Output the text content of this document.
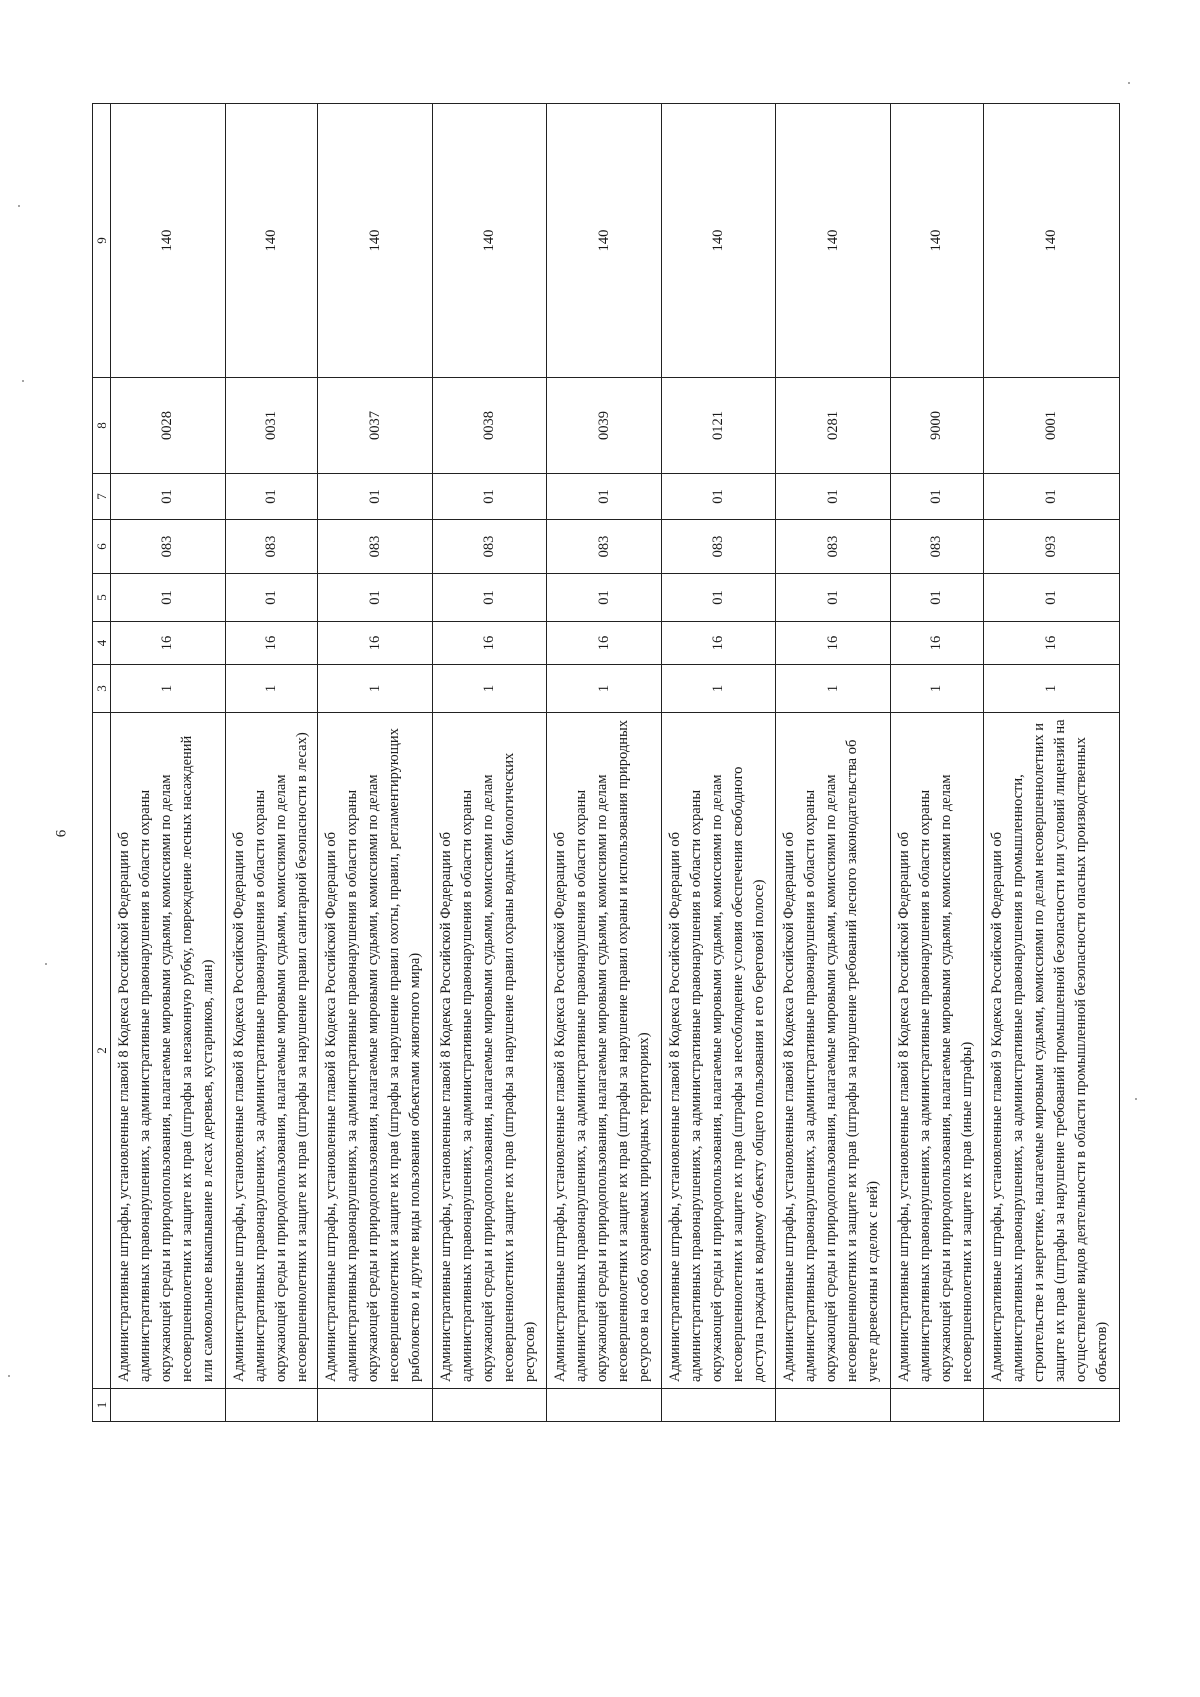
6
1	2	3	4	5	6	7	8	9
	Административные штрафы, установленные главой 8 Кодекса Российской Федерации об административных правонарушениях, за административные правонарушения в области охраны окружающей среды и природопользования, налагаемые мировыми судьями, комиссиями по делам несовершеннолетних и защите их прав (штрафы за незаконную рубку, повреждение лесных насаждений или самовольное выкапывание в лесах деревьев, кустарников, лиан)	1	16	01	083	01	0028	140
	Административные штрафы, установленные главой 8 Кодекса Российской Федерации об административных правонарушениях, за административные правонарушения в области охраны окружающей среды и природопользования, налагаемые мировыми судьями, комиссиями по делам несовершеннолетних и защите их прав (штрафы за нарушение правил санитарной безопасности в лесах)	1	16	01	083	01	0031	140
	Административные штрафы, установленные главой 8 Кодекса Российской Федерации об административных правонарушениях, за административные правонарушения в области охраны окружающей среды и природопользования, налагаемые мировыми судьями, комиссиями по делам несовершеннолетних и защите их прав (штрафы за нарушение правил охоты, правил, регламентирующих рыболовство и другие виды пользования объектами животного мира)	1	16	01	083	01	0037	140
	Административные штрафы, установленные главой 8 Кодекса Российской Федерации об административных правонарушениях, за административные правонарушения в области охраны окружающей среды и природопользования, налагаемые мировыми судьями, комиссиями по делам несовершеннолетних и защите их прав (штрафы за нарушение правил охраны водных биологических ресурсов)	1	16	01	083	01	0038	140
	Административные штрафы, установленные главой 8 Кодекса Российской Федерации об административных правонарушениях, за административные правонарушения в области охраны окружающей среды и природопользования, налагаемые мировыми судьями, комиссиями по делам несовершеннолетних и защите их прав (штрафы за нарушение правил охраны и использования природных ресурсов на особо охраняемых природных территориях)	1	16	01	083	01	0039	140
	Административные штрафы, установленные главой 8 Кодекса Российской Федерации об административных правонарушениях, за административные правонарушения в области охраны окружающей среды и природопользования, налагаемые мировыми судьями, комиссиями по делам несовершеннолетних и защите их прав (штрафы за несоблюдение условия обеспечения свободного доступа граждан к водному объекту общего пользования и его береговой полосе)	1	16	01	083	01	0121	140
	Административные штрафы, установленные главой 8 Кодекса Российской Федерации об административных правонарушениях, за административные правонарушения в области охраны окружающей среды и природопользования, налагаемые мировыми судьями, комиссиями по делам несовершеннолетних и защите их прав (штрафы за нарушение требований лесного законодательства об учете древесины и сделок с ней)	1	16	01	083	01	0281	140
	Административные штрафы, установленные главой 8 Кодекса Российской Федерации об административных правонарушениях, за административные правонарушения в области охраны окружающей среды и природопользования, налагаемые мировыми судьями, комиссиями по делам несовершеннолетних и защите их прав (иные штрафы)	1	16	01	083	01	9000	140
	Административные штрафы, установленные главой 9 Кодекса Российской Федерации об административных правонарушениях, за административные правонарушения в промышленности, строительстве и энергетике, налагаемые мировыми судьями, комиссиями по делам несовершеннолетних и защите их прав (штрафы за нарушение требований промышленной безопасности или условий лицензий на осуществление видов деятельности в области промышленной безопасности опасных производственных объектов)	1	16	01	093	01	0001	140
